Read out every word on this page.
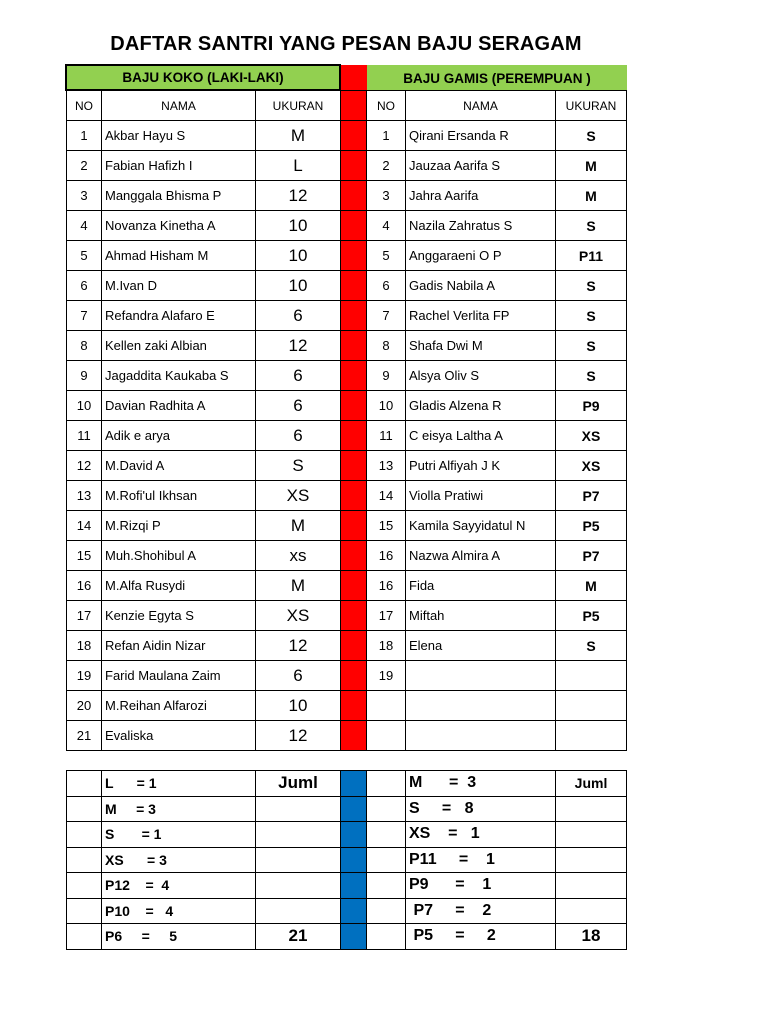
DAFTAR SANTRI YANG PESAN BAJU SERAGAM
BAJU KOKO (LAKI-LAKI)	BAJU GAMIS (PEREMPUAN )
NO	NAMA	UKURAN		NO	NAMA	UKURAN
1	Akbar Hayu S	M		1	Qirani Ersanda R	S
2	Fabian Hafizh I	L		2	Jauzaa Aarifa S	M
3	Manggala Bhisma P	12		3	Jahra Aarifa	M
4	Novanza Kinetha A	10		4	Nazila Zahratus S	S
5	Ahmad Hisham M	10		5	Anggaraeni O P	P11
6	M.Ivan D	10		6	Gadis Nabila A	S
7	Refandra Alafaro E	6		7	Rachel Verlita FP	S
8	Kellen zaki Albian	12		8	Shafa Dwi M	S
9	Jagaddita Kaukaba S	6		9	Alsya Oliv S	S
10	Davian Radhita A	6		10	Gladis Alzena R	P9
11	Adik e arya	6		11	C eisya Laltha A	XS
12	M.David A	S		13	Putri Alfiyah J K	XS
13	M.Rofi'ul Ikhsan	XS		14	Violla Pratiwi	P7
14	M.Rizqi P	M		15	Kamila Sayyidatul N	P5
15	Muh.Shohibul A	xs		16	Nazwa Almira A	P7
16	M.Alfa Rusydi	M		16	Fida	M
17	Kenzie Egyta S	XS		17	Miftah	P5
18	Refan Aidin Nizar	12		18	Elena	S
19	Farid Maulana Zaim	6		19		
20	M.Reihan Alfarozi	10				
21	Evaliska	12				
	L      = 1	Juml			M      =  3	Juml
	M     = 3				S     =   8	
	S       = 1				XS    =   1	
	XS      = 3				P11     =    1	
	P12    =  4				P9      =    1	
	P10    =   4				P7     =    2	
	P6     =     5	21			P5     =     2	18
